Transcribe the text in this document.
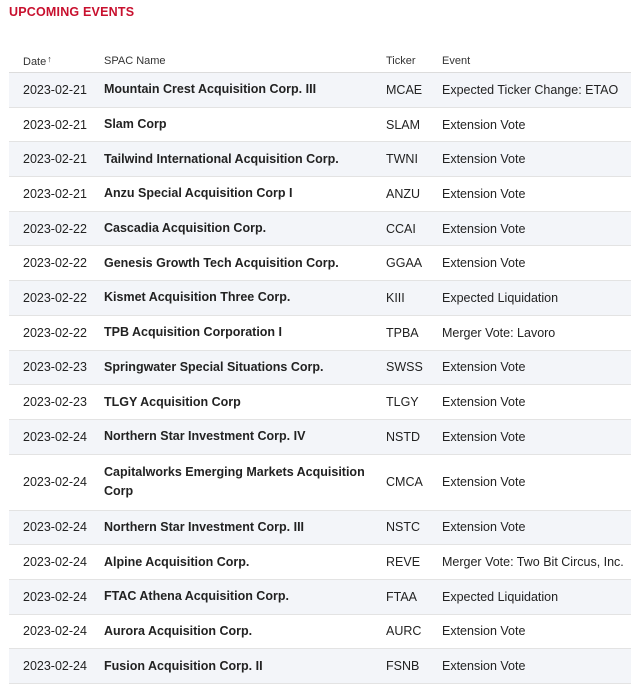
UPCOMING EVENTS
Date↑	SPAC Name	Ticker	Event
2023-02-21	Mountain Crest Acquisition Corp. III	MCAE	Expected Ticker Change: ETAO
2023-02-21	Slam Corp	SLAM	Extension Vote
2023-02-21	Tailwind International Acquisition Corp.	TWNI	Extension Vote
2023-02-21	Anzu Special Acquisition Corp I	ANZU	Extension Vote
2023-02-22	Cascadia Acquisition Corp.	CCAI	Extension Vote
2023-02-22	Genesis Growth Tech Acquisition Corp.	GGAA	Extension Vote
2023-02-22	Kismet Acquisition Three Corp.	KIII	Expected Liquidation
2023-02-22	TPB Acquisition Corporation I	TPBA	Merger Vote: Lavoro
2023-02-23	Springwater Special Situations Corp.	SWSS	Extension Vote
2023-02-23	TLGY Acquisition Corp	TLGY	Extension Vote
2023-02-24	Northern Star Investment Corp. IV	NSTD	Extension Vote
2023-02-24	Capitalworks Emerging Markets Acquisition Corp	CMCA	Extension Vote
2023-02-24	Northern Star Investment Corp. III	NSTC	Extension Vote
2023-02-24	Alpine Acquisition Corp.	REVE	Merger Vote: Two Bit Circus, Inc.
2023-02-24	FTAC Athena Acquisition Corp.	FTAA	Expected Liquidation
2023-02-24	Aurora Acquisition Corp.	AURC	Extension Vote
2023-02-24	Fusion Acquisition Corp. II	FSNB	Extension Vote
